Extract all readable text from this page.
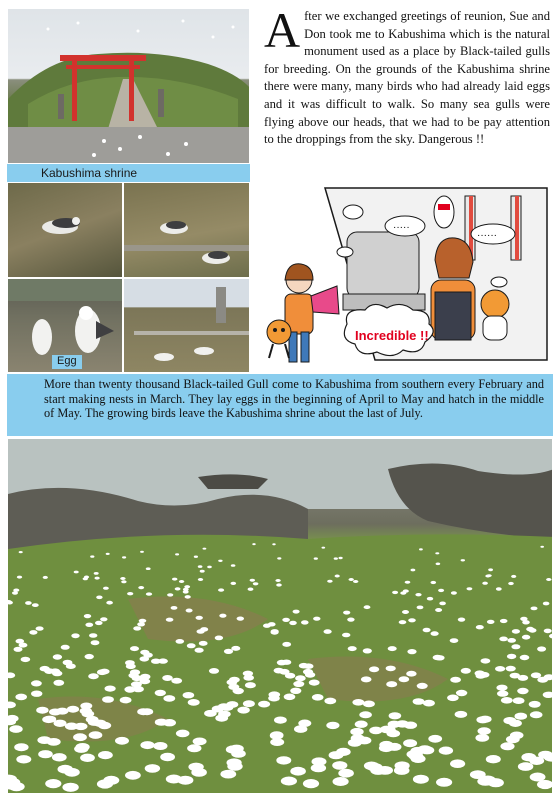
Kabushima shrine
Egg
After we exchanged greetings of reunion, Sue and Don took me to Kabushima which is the natural monument used as a place by Black-tailed gulls for breeding. On the grounds of the Kabushima shrine there were many, many birds who had already laid eggs and it was difficult to walk. So many sea gulls were flying above our heads, that we had to be pay attention to the droppings from the sky. Dangerous !!
·····
······
Incredible !!
More than twenty thousand Black-tailed Gull come to Kabushima from southern every February and start making nests in March. They lay eggs in the beginning of April to May and hatch in the middle of May. The growing birds leave the Kabushima shrine about the last of July.
